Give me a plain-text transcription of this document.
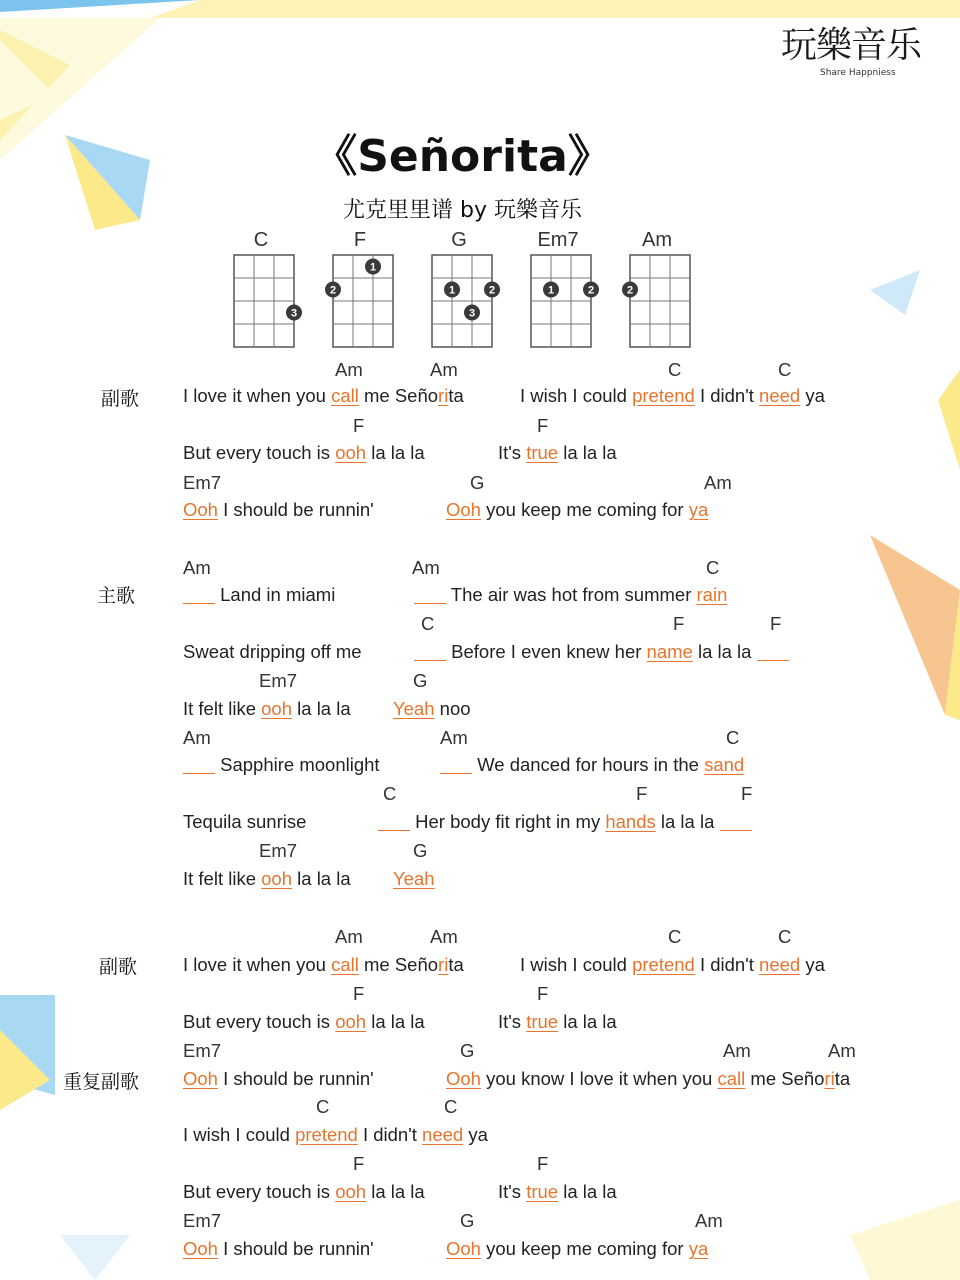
玩樂音乐
Share Happniess
《Señorita》
尤克里里谱 by 玩樂音乐
C
3
F
1
2
G
1	2
3
Em7
1	2
Am
2
副歌
主歌
副歌
重复副歌
Am	Am	C	C
I love it when you call me Señorita	I wish I could pretend I didn't need ya
F	F
But every touch is ooh la la la	It's true la la la
Em7	G	Am
Ooh I should be runnin'	Ooh you keep me coming for ya
Am	Am	C
Land in miami	The air was hot from summer rain
C	F	F
Sweat dripping off me	Before I even knew her name la la la
Em7	G
It felt like ooh la la la Yeah noo
Am	Am	C
Sapphire moonlight	We danced for hours in the sand
C	F	F
Tequila sunrise	Her body fit right in my hands la la la
Em7	G
It felt like ooh la la la Yeah
Am	Am	C	C
I love it when you call me Señorita	I wish I could pretend I didn't need ya
F	F
But every touch is ooh la la la	It's true la la la
Em7	G	Am	Am
Ooh I should be runnin'	Ooh you know I love it when you call me Señorita
C	C
I wish I could pretend I didn't need ya
F	F
But every touch is ooh la la la	It's true la la la
Em7	G	Am
Ooh I should be runnin'	Ooh you keep me coming for ya
